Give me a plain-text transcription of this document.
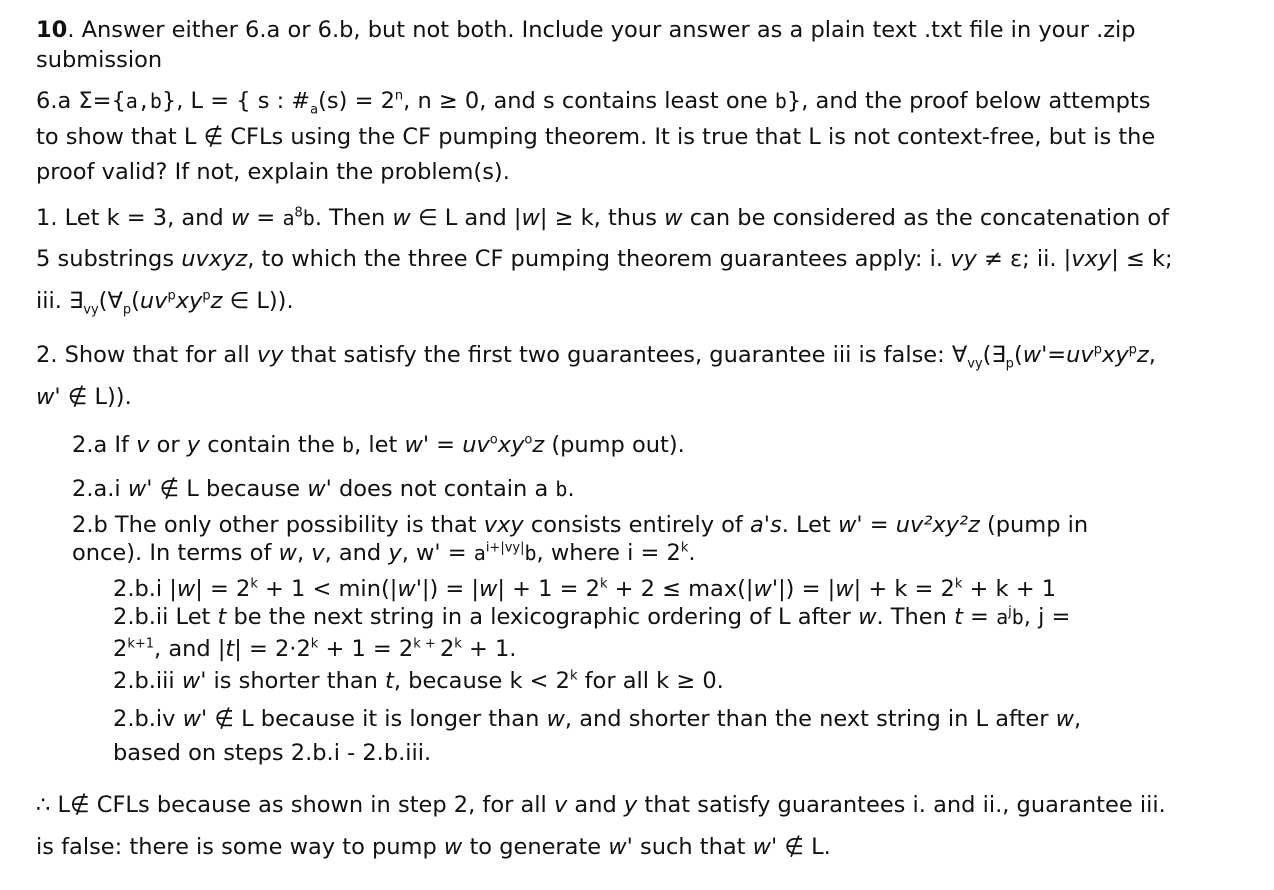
10. Answer either 6.a or 6.b, but not both. Include your answer as a plain text .txt file in your .zip
submission
6.a Σ={a,b}, L = { s : $\#_a(s) = 2^n$, n ≥ 0, and s contains least one b}, and the proof below attempts
to show that L ∉ CFLs using the CF pumping theorem. It is true that L is not context-free, but is the
proof valid? If not, explain the problem(s).
1. Let k = 3, and $w = a^8b$. Then w ∈ L and |w| ≥ k, thus w can be considered as the concatenation of
5 substrings uvxyz, to which the three CF pumping theorem guarantees apply: i. vy ≠ ε; ii. |vxy| ≤ k;
iii. $\exists_{vy}(\forall_p(uv^pxy^pz$ ∈ L)).
2. Show that for all vy that satisfy the first two guarantees, guarantee iii is false: $\forall_{vy}(\exists_p(w'=uv^pxy^pz$,
w' ∉ L)).
2.a If v or y contain the b, let $w' = uv^oxy^oz$ (pump out).
2.a.i w' ∉ L because w' does not contain a b.
2.b The only other possibility is that vxy consists entirely of a's. Let w' = uv²xy²z (pump in
once). In terms of w, v, and y, $w' = a^{i+|vy|}b$, where $i = 2^k$.
2.b.i $|w| = 2^k + 1 < \min(|w'|) = |w| + 1 = 2^k + 2 \le \max(|w'|) = |w| + k = 2^k + k + 1$
2.b.ii Let t be the next string in a lexicographic ordering of L after w. Then $t = a^jb$, j =
$2^{k+1}$, and $|t| = 2\cdot 2^k + 1 = 2^{k +}$ $2^k + 1$.
2.b.iii w' is shorter than t, because $k < 2^k$ for all k ≥ 0.
2.b.iv w' ∉ L because it is longer than w, and shorter than the next string in L after w,
based on steps 2.b.i - 2.b.iii.
∴ L∉ CFLs because as shown in step 2, for all v and y that satisfy guarantees i. and ii., guarantee iii.
is false: there is some way to pump w to generate w' such that w' ∉ L.
